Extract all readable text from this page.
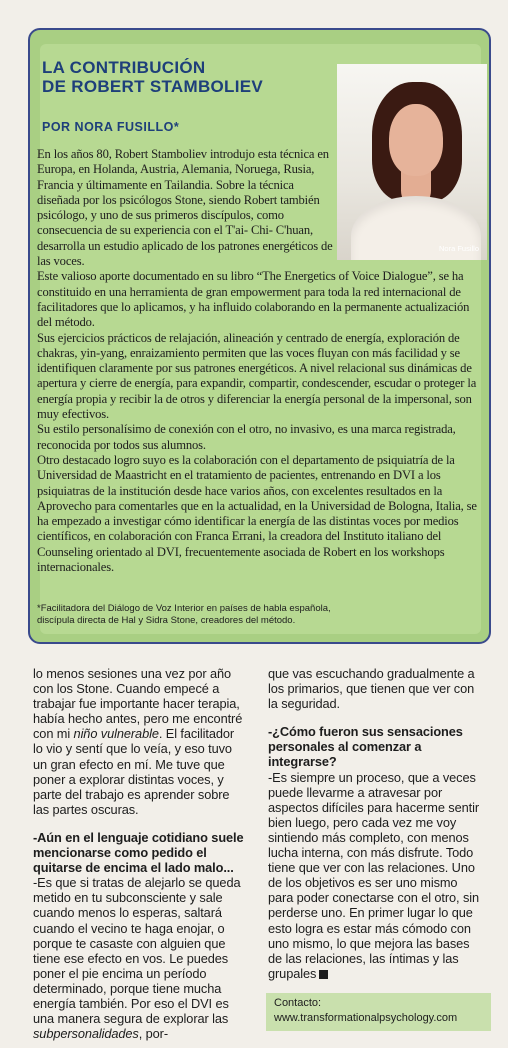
LA CONTRIBUCIÓN
DE ROBERT STAMBOLIEV
POR NORA FUSILLO*
Nora Fusillo

En los años 80, Robert Stamboliev introdujo esta técnica en Europa, en Holanda, Austria, Alemania, Noruega, Rusia, Francia y últimamente en Tailandia. Sobre la técnica diseñada por los psicólogos Stone, siendo Robert también psicólogo, y uno de sus primeros discípulos, como consecuencia de su experiencia con el T'ai- Chi- C'huan, desarrolla un estudio aplicado de los patrones energéticos de las voces.

Este valioso aporte documentado en su libro “The Energetics of Voice Dialogue”, se ha constituido en una herramienta de gran empowerment para toda la red internacional de facilitadores que lo aplicamos, y ha influido colaborando en la permanente actualización del método.

Sus ejercicios prácticos de relajación, alineación y centrado de energía, exploración de chakras, yin-yang, enraizamiento permiten que las voces fluyan con más facilidad y se identifiquen claramente por sus patrones energéticos. A nivel relacional sus dinámicas de apertura y cierre de energía, para expandir, compartir, condescender, escudar o proteger la energía propia y recibir la de otros y diferenciar la energía personal de la impersonal, son muy efectivos.

Su estilo personalísimo de conexión con el otro, no invasivo, es una marca registrada, reconocida por todos sus alumnos.

Otro destacado logro suyo es la colaboración con el departamento de psiquiatría de la Universidad de Maastricht en el tratamiento de pacientes, entrenando en DVI a los psiquiatras de la institución desde hace varios años, con excelentes resultados en la Aprovecho para comentarles que en la actualidad, en la Universidad de Bologna, Italia, se ha empezado a investigar cómo identificar la energía de las distintas voces por medios científicos, en colaboración con Franca Errani, la creadora del Instituto italiano del Counseling orientado al DVI, frecuentemente asociada de Robert en los workshops internacionales.

*Facilitadora del Diálogo de Voz Interior en países de habla española,
discípula directa de Hal y Sidra Stone, creadores del método.

lo menos sesiones una vez por año con los Stone. Cuando empecé a trabajar fue importante hacer terapia, había hecho antes, pero me encontré con mi niño vulnerable. El facilitador lo vio y sentí que lo veía, y eso tuvo un gran efecto en mí. Me tuve que poner a explorar distintas voces, y parte del trabajo es aprender sobre las partes oscuras.

-Aún en el lenguaje cotidiano suele mencionarse como pedido el quitarse de encima el lado malo...

-Es que si tratas de alejarlo se queda metido en tu subconsciente y sale cuando menos lo esperas, saltará cuando el vecino te haga enojar, o porque te casaste con alguien que tiene ese efecto en vos. Le puedes poner el pie encima un período determinado, porque tiene mucha energía también. Por eso el DVI es una manera segura de explorar las subpersonalidades, por-

que vas escuchando gradualmente a los primarios, que tienen que ver con la seguridad.

-¿Cómo fueron sus sensaciones personales al comenzar a integrarse?

-Es siempre un proceso, que a veces puede llevarme a atravesar por aspectos difíciles para hacerme sentir bien luego, pero cada vez me voy sintiendo más completo, con menos lucha interna, con más disfrute. Todo tiene que ver con las relaciones. Uno de los objetivos es ser uno mismo para poder conectarse con el otro, sin perderse uno. En primer lugar lo que esto logra es estar más cómodo con uno mismo, lo que mejora las bases de las relaciones, las íntimas y las grupales

Contacto:
www.transformationalpsychology.com
